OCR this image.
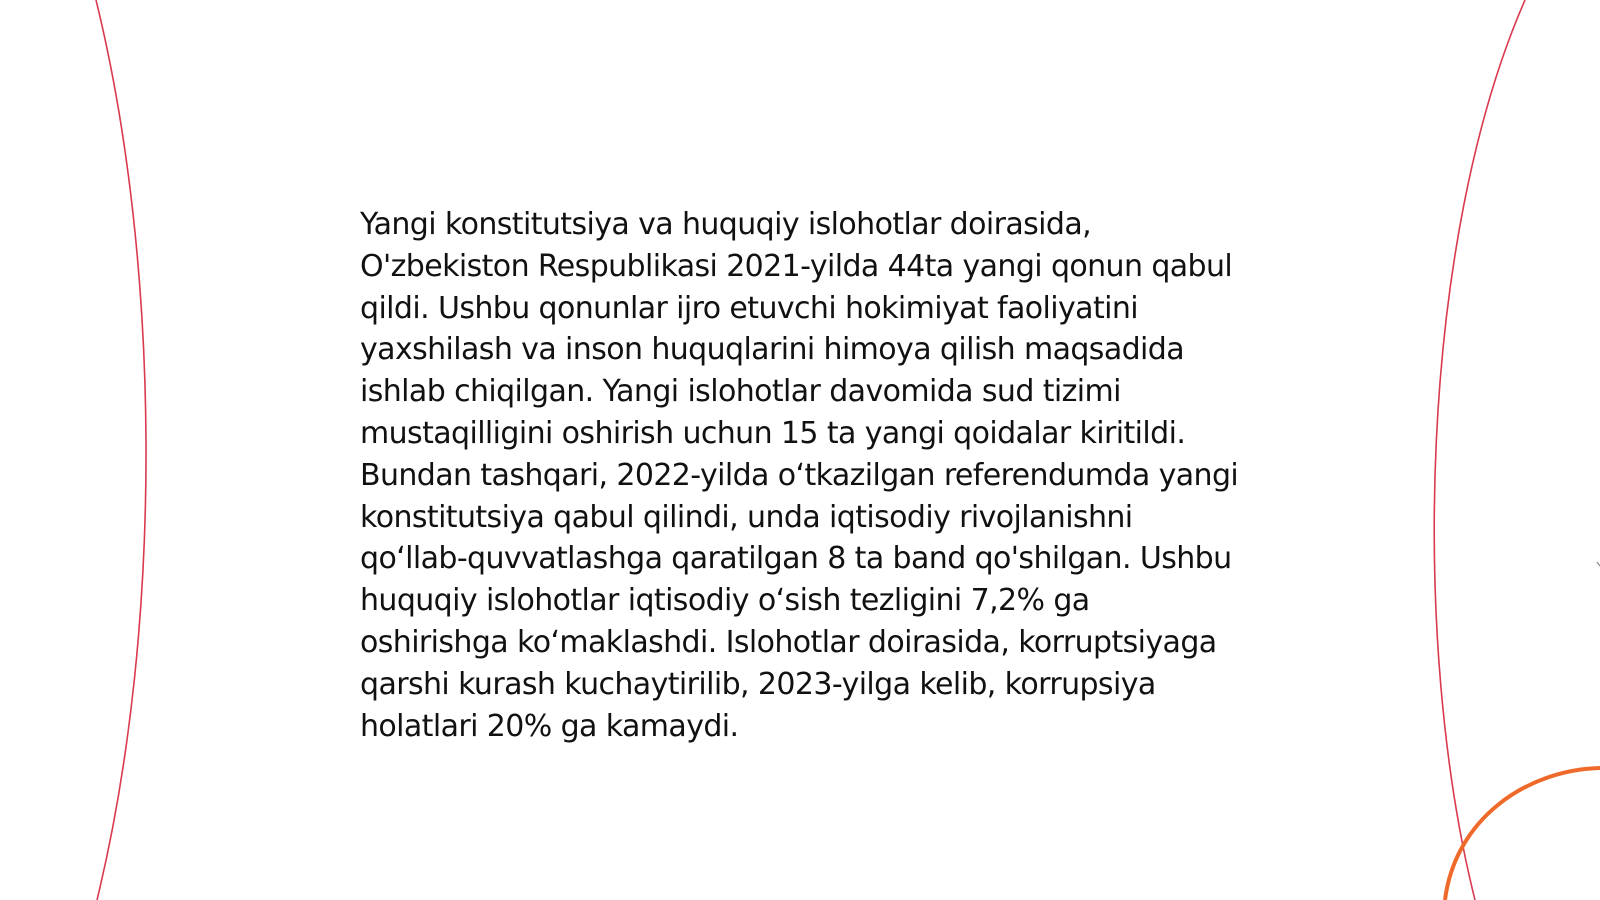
Yangi konstitutsiya va huquqiy islohotlar doirasida, O'zbekiston Respublikasi 2021-yilda 44ta yangi qonun qabul qildi. Ushbu qonunlar ijro etuvchi hokimiyat faoliyatini yaxshilash va inson huquqlarini himoya qilish maqsadida ishlab chiqilgan. Yangi islohotlar davomida sud tizimi mustaqilligini oshirish uchun 15 ta yangi qoidalar kiritildi. Bundan tashqari, 2022-yilda o‘tkazilgan referendumda yangi konstitutsiya qabul qilindi, unda iqtisodiy rivojlanishni qo‘llab-quvvatlashga qaratilgan 8 ta band qo'shilgan. Ushbu huquqiy islohotlar iqtisodiy o‘sish tezligini 7,2% ga oshirishga ko‘maklashdi. Islohotlar doirasida, korruptsiyaga qarshi kurash kuchaytirilib, 2023-yilga kelib, korrupsiya holatlari 20% ga kamaydi.
